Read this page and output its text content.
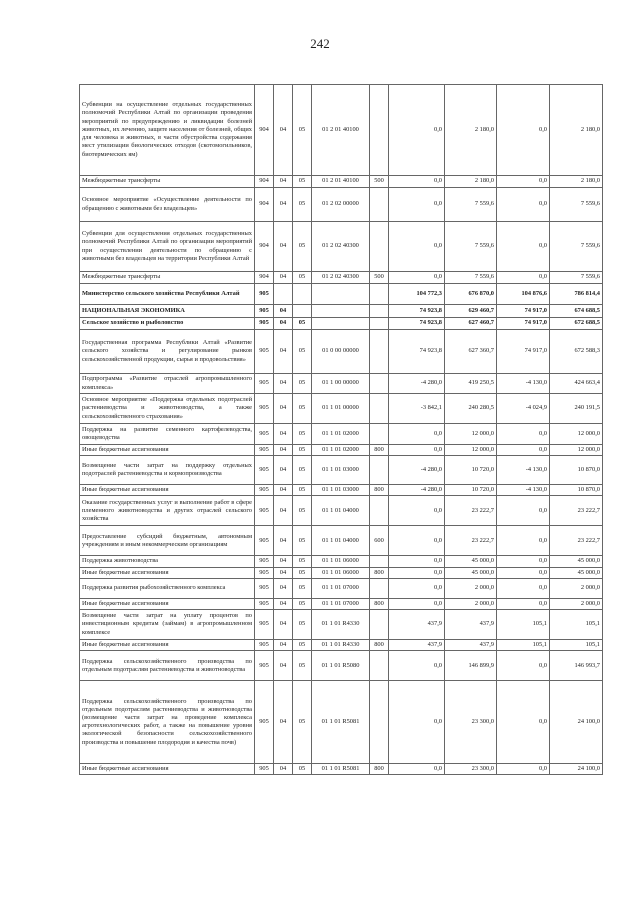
242
Субвенции на осуществление отдельных государственных полномочий Республики Алтай по организации проведения мероприятий по предупреждению и ликвидации болезней животных, их лечению, защите населения от болезней, общих для человека и животных, в части обустройства содержания мест утилизации биологических отходов (скотомогильников, биотермических ям)	904	04	05	01 2 01 40100		0,0	2 180,0	0,0	2 180,0
Межбюджетные трансферты	904	04	05	01 2 01 40100	500	0,0	2 180,0	0,0	2 180,0
Основное мероприятие «Осуществление деятельности по обращению с животными без владельцев»	904	04	05	01 2 02 00000		0,0	7 559,6	0,0	7 559,6
Субвенции для осуществления отдельных государственных полномочий Республики Алтай по организации мероприятий при осуществлении деятельности по обращению с животными без владельцев на территории Республики Алтай	904	04	05	01 2 02 40300		0,0	7 559,6	0,0	7 559,6
Межбюджетные трансферты	904	04	05	01 2 02 40300	500	0,0	7 559,6	0,0	7 559,6
Министерство сельского хозяйства Республики Алтай	905					104 772,3	676 870,0	104 876,6	786 814,4
НАЦИОНАЛЬНАЯ ЭКОНОМИКА	905	04				74 923,8	629 460,7	74 917,0	674 688,5
Сельское хозяйство и рыболовство	905	04	05			74 923,8	627 460,7	74 917,0	672 688,5
Государственная программа Республики Алтай «Развитие сельского хозяйства и регулирование рынков сельскохозяйственной продукции, сырья и продовольствия»	905	04	05	01 0 00 00000		74 923,8	627 360,7	74 917,0	672 588,3
Подпрограмма «Развитие отраслей агропромышленного комплекса»	905	04	05	01 1 00 00000		-4 280,0	419 250,5	-4 130,0	424 663,4
Основное мероприятие «Поддержка отдельных подотраслей растениеводства и животноводства, а также сельскохозяйственного страхования»	905	04	05	01 1 01 00000		-3 842,1	240 280,5	-4 024,9	240 191,5
Поддержка на развитие семенного картофелеводства, овощеводства	905	04	05	01 1 01 02000		0,0	12 000,0	0,0	12 000,0
Иные бюджетные ассигнования	905	04	05	01 1 01 02000	800	0,0	12 000,0	0,0	12 000,0
Возмещение части затрат на поддержку отдельных подотраслей растениеводства и кормопроизводства	905	04	05	01 1 01 03000		-4 280,0	10 720,0	-4 130,0	10 870,0
Иные бюджетные ассигнования	905	04	05	01 1 01 03000	800	-4 280,0	10 720,0	-4 130,0	10 870,0
Оказание государственных услуг и выполнение работ в сфере племенного животноводства и других отраслей сельского хозяйства	905	04	05	01 1 01 04000		0,0	23 222,7	0,0	23 222,7
Предоставление субсидий бюджетным, автономным учреждениям и иным некоммерческим организациям	905	04	05	01 1 01 04000	600	0,0	23 222,7	0,0	23 222,7
Поддержка животноводства	905	04	05	01 1 01 06000		0,0	45 000,0	0,0	45 000,0
Иные бюджетные ассигнования	905	04	05	01 1 01 06000	800	0,0	45 000,0	0,0	45 000,0
Поддержка развития рыбохозяйственного комплекса	905	04	05	01 1 01 07000		0,0	2 000,0	0,0	2 000,0
Иные бюджетные ассигнования	905	04	05	01 1 01 07000	800	0,0	2 000,0	0,0	2 000,0
Возмещение части затрат на уплату процентов по инвестиционным кредитам (займам) в агропромышленном комплексе	905	04	05	01 1 01 R4330		437,9	437,9	105,1	105,1
Иные бюджетные ассигнования	905	04	05	01 1 01 R4330	800	437,9	437,9	105,1	105,1
Поддержка сельскохозяйственного производства по отдельным подотраслям растениеводства и животноводства	905	04	05	01 1 01 R5080		0,0	146 899,9	0,0	146 993,7
Поддержка сельскохозяйственного производства по отдельным подотраслям растениеводства и животноводства (возмещение части затрат на проведение комплекса агротехнологических работ, а также на повышение уровня экологической безопасности сельскохозяйственного производства и повышение плодородия и качества почв)	905	04	05	01 1 01 R5081		0,0	23 300,0	0,0	24 100,0
Иные бюджетные ассигнования	905	04	05	01 1 01 R5081	800	0,0	23 300,0	0,0	24 100,0
